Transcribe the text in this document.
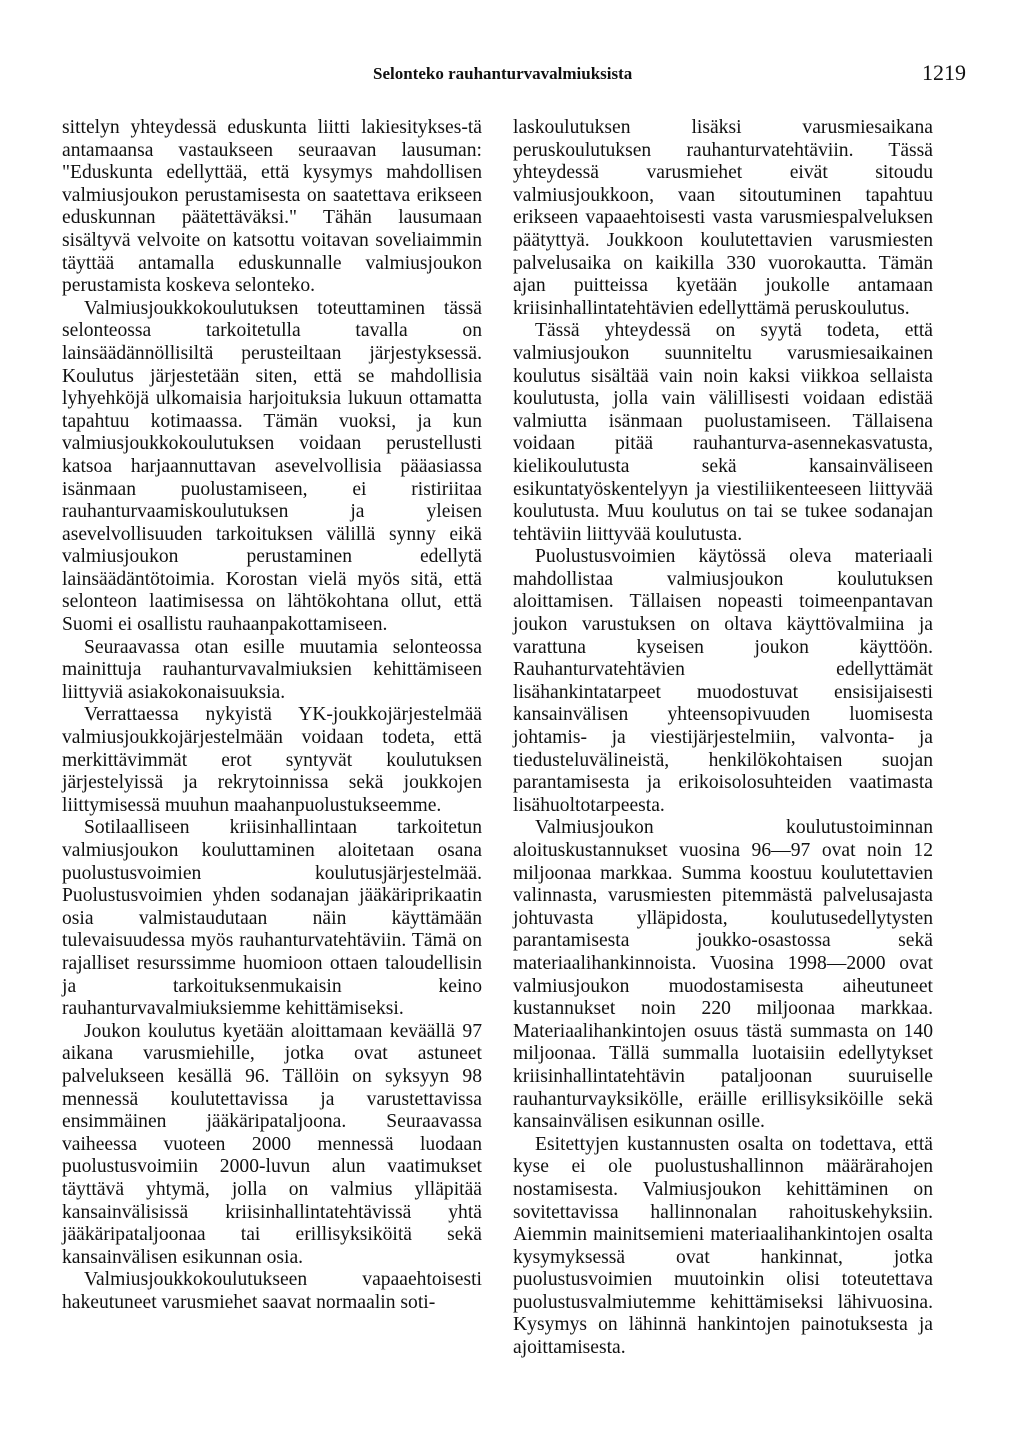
Selonteko rauhanturvavalmiuksista	1219

sittelyn yhteydessä eduskunta liitti lakiesitykses-tä antamaansa vastaukseen seuraavan lausuman: "Eduskunta edellyttää, että kysymys mahdollisen valmiusjoukon perustamisesta on saatettava erikseen eduskunnan päätettäväksi." Tähän lausumaan sisältyvä velvoite on katsottu voitavan soveliaimmin täyttää antamalla eduskunnalle valmiusjoukon perustamista koskeva selonteko.

Valmiusjoukkokoulutuksen toteuttaminen tässä selonteossa tarkoitetulla tavalla on lainsäädännöllisiltä perusteiltaan järjestyksessä. Koulutus järjestetään siten, että se mahdollisia lyhyehköjä ulkomaisia harjoituksia lukuun ottamatta tapahtuu kotimaassa. Tämän vuoksi, ja kun valmiusjoukkokoulutuksen voidaan perustellusti katsoa harjaannuttavan asevelvollisia pääasiassa isänmaan puolustamiseen, ei ristiriitaa rauhanturvaamiskoulutuksen ja yleisen asevelvollisuuden tarkoituksen välillä synny eikä valmiusjoukon perustaminen edellytä lainsäädäntötoimia. Korostan vielä myös sitä, että selonteon laatimisessa on lähtökohtana ollut, että Suomi ei osallistu rauhaanpakottamiseen.

Seuraavassa otan esille muutamia selonteossa mainittuja rauhanturvavalmiuksien kehittämiseen liittyviä asiakokonaisuuksia.

Verrattaessa nykyistä YK-joukkojärjestelmää valmiusjoukkojärjestelmään voidaan todeta, että merkittävimmät erot syntyvät koulutuksen järjestelyissä ja rekrytoinnissa sekä joukkojen liittymisessä muuhun maahanpuolustukseemme.

Sotilaalliseen kriisinhallintaan tarkoitetun valmiusjoukon kouluttaminen aloitetaan osana puolustusvoimien koulutusjärjestelmää. Puolustusvoimien yhden sodanajan jääkäriprikaatin osia valmistaudutaan näin käyttämään tulevaisuudessa myös rauhanturvatehtäviin. Tämä on rajalliset resurssimme huomioon ottaen taloudellisin ja tarkoituksenmukaisin keino rauhanturvavalmiuksiemme kehittämiseksi.

Joukon koulutus kyetään aloittamaan keväällä 97 aikana varusmiehille, jotka ovat astuneet palvelukseen kesällä 96. Tällöin on syksyyn 98 mennessä koulutettavissa ja varustettavissa ensimmäinen jääkäripataljoona. Seuraavassa vaiheessa vuoteen 2000 mennessä luodaan puolustusvoimiin 2000-luvun alun vaatimukset täyttävä yhtymä, jolla on valmius ylläpitää kansainvälisissä kriisinhallintatehtävissä yhtä jääkäripataljoonaa tai erillisyksiköitä sekä kansainvälisen esikunnan osia.

Valmiusjoukkokoulutukseen vapaaehtoisesti hakeutuneet varusmiehet saavat normaalin soti-

laskoulutuksen lisäksi varusmiesaikana peruskoulutuksen rauhanturvatehtäviin. Tässä yhteydessä varusmiehet eivät sitoudu valmiusjoukkoon, vaan sitoutuminen tapahtuu erikseen vapaaehtoisesti vasta varusmiespalveluksen päätyttyä. Joukkoon koulutettavien varusmiesten palvelusaika on kaikilla 330 vuorokautta. Tämän ajan puitteissa kyetään joukolle antamaan kriisinhallintatehtävien edellyttämä peruskoulutus.

Tässä yhteydessä on syytä todeta, että valmiusjoukon suunniteltu varusmiesaikainen koulutus sisältää vain noin kaksi viikkoa sellaista koulutusta, jolla vain välillisesti voidaan edistää valmiutta isänmaan puolustamiseen. Tällaisena voidaan pitää rauhanturva-asennekasvatusta, kielikoulutusta sekä kansainväliseen esikuntatyöskentelyyn ja viestiliikenteeseen liittyvää koulutusta. Muu koulutus on tai se tukee sodanajan tehtäviin liittyvää koulutusta.

Puolustusvoimien käytössä oleva materiaali mahdollistaa valmiusjoukon koulutuksen aloittamisen. Tällaisen nopeasti toimeenpantavan joukon varustuksen on oltava käyttövalmiina ja varattuna kyseisen joukon käyttöön. Rauhanturvatehtävien edellyttämät lisähankintatarpeet muodostuvat ensisijaisesti kansainvälisen yhteensopivuuden luomisesta johtamis- ja viestijärjestelmiin, valvonta- ja tiedusteluvälineistä, henkilökohtaisen suojan parantamisesta ja erikoisolosuhteiden vaatimasta lisähuoltotarpeesta.

Valmiusjoukon koulutustoiminnan aloituskustannukset vuosina 96—97 ovat noin 12 miljoonaa markkaa. Summa koostuu koulutettavien valinnasta, varusmiesten pitemmästä palvelusajasta johtuvasta ylläpidosta, koulutusedellytysten parantamisesta joukko-osastossa sekä materiaalihankinnoista. Vuosina 1998—2000 ovat valmiusjoukon muodostamisesta aiheutuneet kustannukset noin 220 miljoonaa markkaa. Materiaalihankintojen osuus tästä summasta on 140 miljoonaa. Tällä summalla luotaisiin edellytykset kriisinhallintatehtävin pataljoonan suuruiselle rauhanturvayksikölle, eräille erillisyksiköille sekä kansainvälisen esikunnan osille.

Esitettyjen kustannusten osalta on todettava, että kyse ei ole puolustushallinnon määrärahojen nostamisesta. Valmiusjoukon kehittäminen on sovitettavissa hallinnonalan rahoituskehyksiin. Aiemmin mainitsemieni materiaalihankintojen osalta kysymyksessä ovat hankinnat, jotka puolustusvoimien muutoinkin olisi toteutettava puolustusvalmiutemme kehittämiseksi lähivuosina. Kysymys on lähinnä hankintojen painotuksesta ja ajoittamisesta.
